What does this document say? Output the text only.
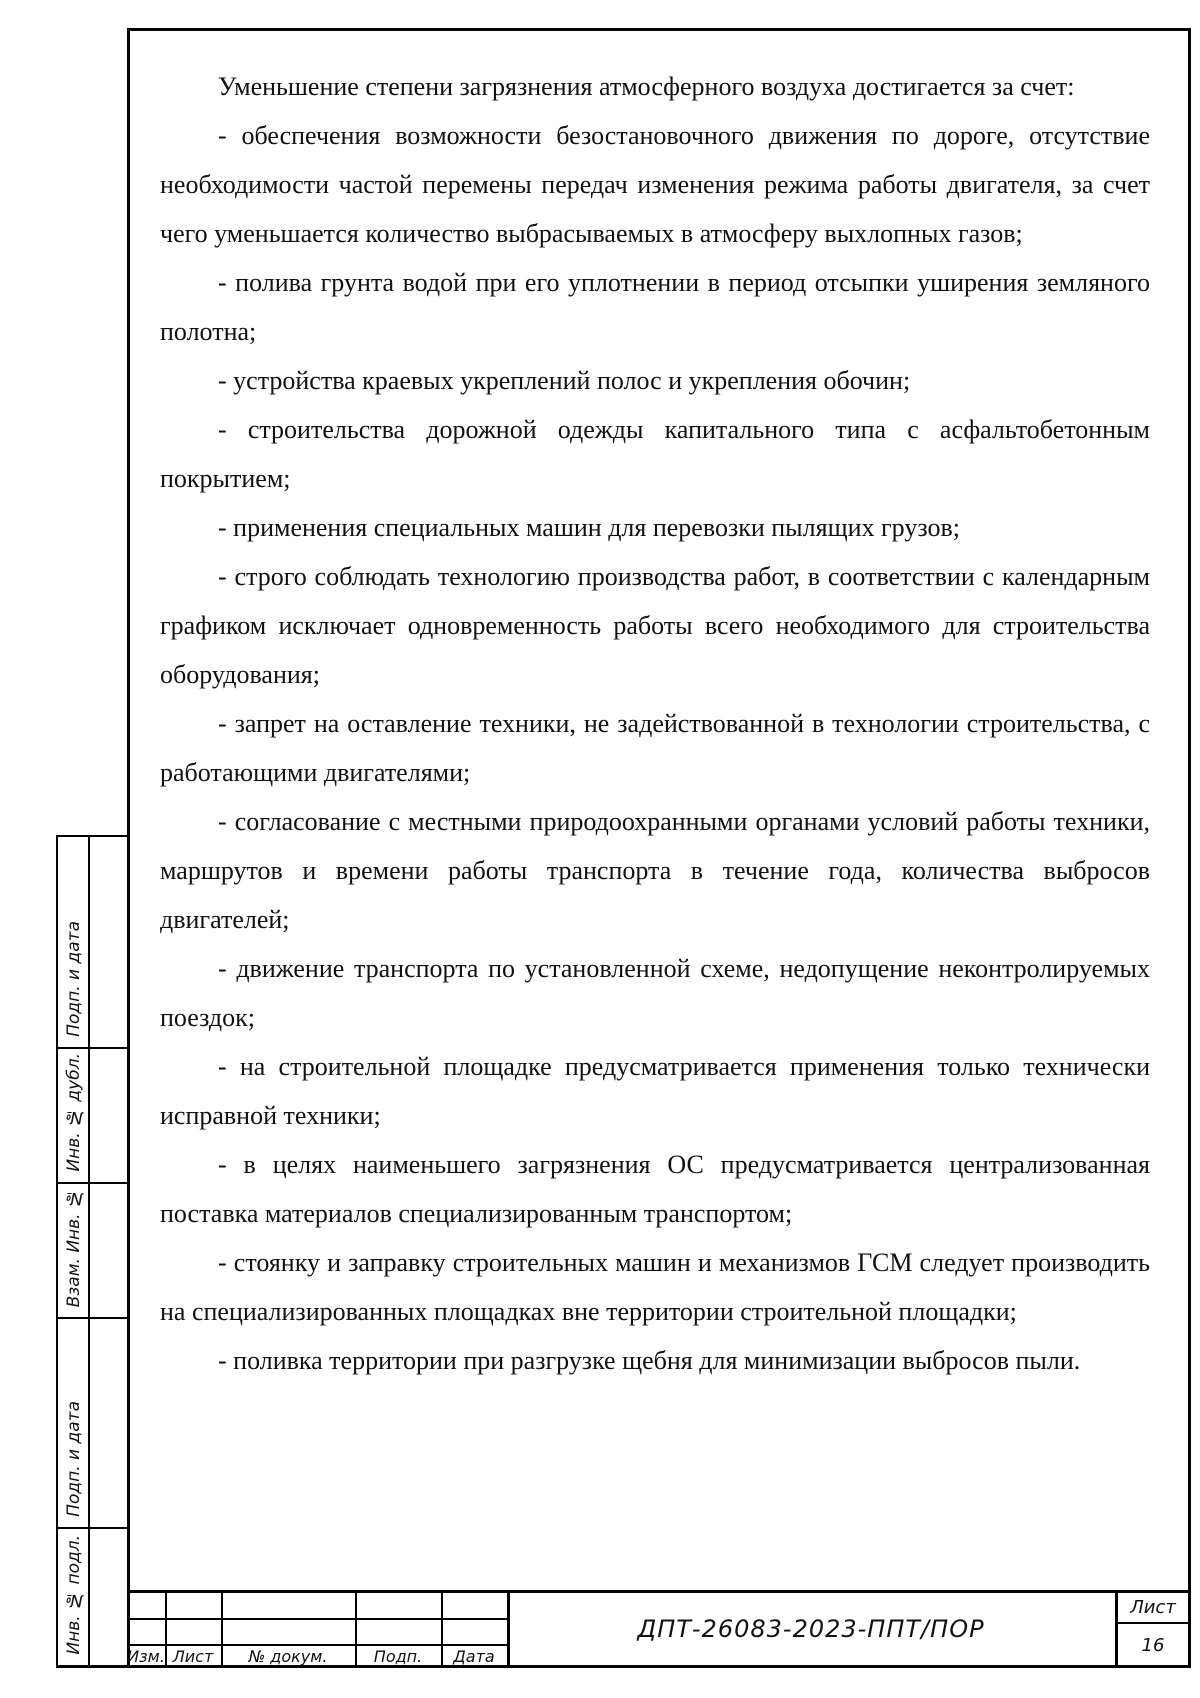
Уменьшение степени загрязнения атмосферного воздуха достигается за счет:

- обеспечения возможности безостановочного движения по дороге, отсутствие необходимости частой перемены передач изменения режима работы двигателя, за счет чего уменьшается количество выбрасываемых в атмосферу выхлопных газов;

- полива грунта водой при его уплотнении в период отсыпки уширения земляного полотна;

- устройства краевых укреплений полос и укрепления обочин;

- строительства дорожной одежды капитального типа с асфальтобетонным покрытием;

- применения специальных машин для перевозки пылящих грузов;

- строго соблюдать технологию производства работ, в соответствии с календарным графиком исключает одновременность работы всего необходимого для строительства оборудования;

- запрет на оставление техники, не задействованной в технологии строительства, с работающими двигателями;

- согласование с местными природоохранными органами условий работы техники, маршрутов и времени работы транспорта в течение года, количества выбросов двигателей;

- движение транспорта по установленной схеме, недопущение неконтролируемых поездок;

- на строительной площадке предусматривается применения только технически исправной техники;

- в целях наименьшего загрязнения ОС предусматривается централизованная поставка материалов специализированным транспортом;

- стоянку и заправку строительных машин и механизмов ГСМ следует производить на специализированных площадках вне территории строительной площадки;

- поливка территории при разгрузке щебня для минимизации выбросов пыли.

Подп. и дата
Инв. № дубл.
Взам. Инв. №
Подп. и дата
Инв. № подл.
Изм. Лист	№ докум.	Подп.	Дата
ДПТ-26083-2023-ППТ/ПОР
Лист
16
